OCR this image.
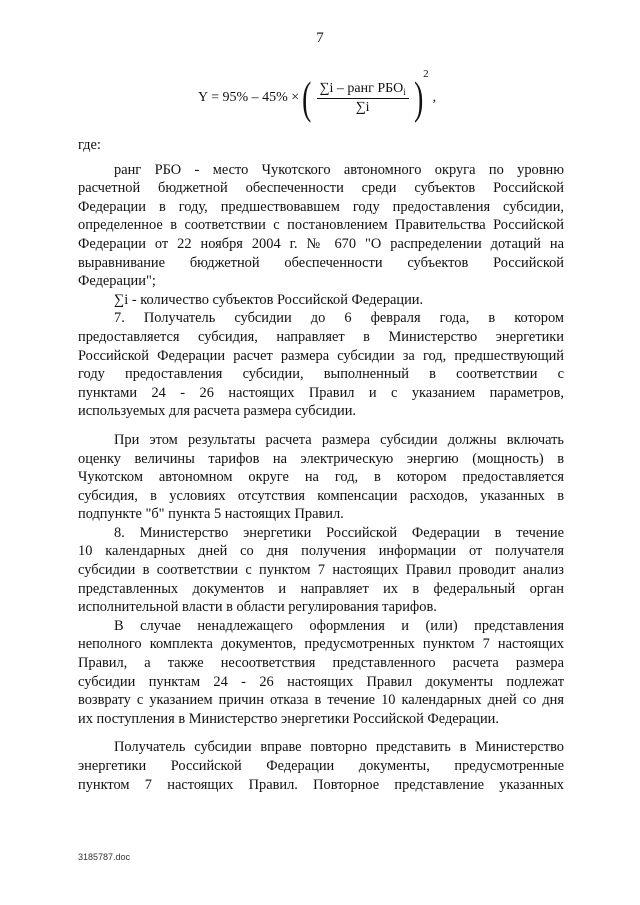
7
Y = 95% – 45% × ( $\frac{\sum i - ранг РБО_i}{\sum i}$ ) 2
,

где:

ранг РБО - место Чукотского автономного округа по уровню

расчетной бюджетной обеспеченности среди субъектов Российской

Федерации в году, предшествовавшем году предоставления субсидии,

определенное в соответствии с постановлением Правительства Российской

Федерации от 22 ноября 2004 г. № 670 "О распределении дотаций на

выравнивание бюджетной обеспеченности субъектов Российской

Федерации";

∑i - количество субъектов Российской Федерации.

7. Получатель субсидии до 6 февраля года, в котором

предоставляется субсидия, направляет в Министерство энергетики

Российской Федерации расчет размера субсидии за год, предшествующий

году предоставления субсидии, выполненный в соответствии с

пунктами 24 - 26 настоящих Правил и с указанием параметров,

используемых для расчета размера субсидии.

При этом результаты расчета размера субсидии должны включать

оценку величины тарифов на электрическую энергию (мощность) в

Чукотском автономном округе на год, в котором предоставляется

субсидия, в условиях отсутствия компенсации расходов, указанных в

подпункте "б" пункта 5 настоящих Правил.

8. Министерство энергетики Российской Федерации в течение

10 календарных дней со дня получения информации от получателя

субсидии в соответствии с пунктом 7 настоящих Правил проводит анализ

представленных документов и направляет их в федеральный орган

исполнительной власти в области регулирования тарифов.

В случае ненадлежащего оформления и (или) представления

неполного комплекта документов, предусмотренных пунктом 7 настоящих

Правил, а также несоответствия представленного расчета размера

субсидии пунктам 24 - 26 настоящих Правил документы подлежат

возврату с указанием причин отказа в течение 10 календарных дней со дня

их поступления в Министерство энергетики Российской Федерации.

Получатель субсидии вправе повторно представить в Министерство

энергетики Российской Федерации документы, предусмотренные

пунктом 7 настоящих Правил. Повторное представление указанных

3185787.doc
